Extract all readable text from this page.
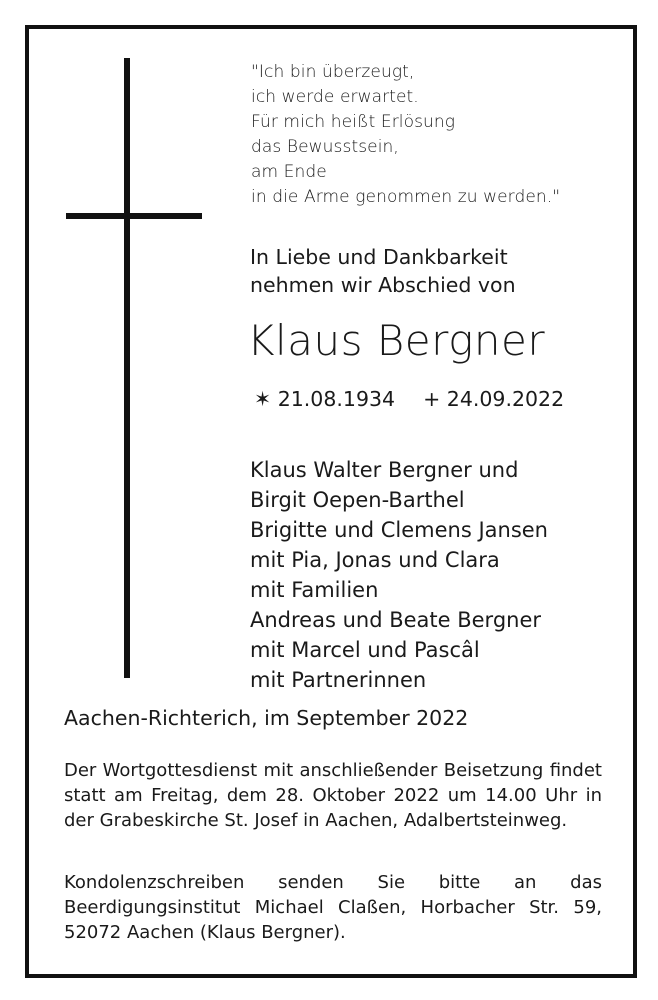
"Ich bin überzeugt,
ich werde erwartet.
Für mich heißt Erlösung
das Bewusstsein,
am Ende
in die Arme genommen zu werden."
In Liebe und Dankbarkeit
nehmen wir Abschied von
Klaus Bergner
✶ 21.08.1934 + 24.09.2022
Klaus Walter Bergner und
Birgit Oepen-Barthel
Brigitte und Clemens Jansen
mit Pia, Jonas und Clara
mit Familien
Andreas und Beate Bergner
mit Marcel und Pascâl
mit Partnerinnen
Aachen-Richterich, im September 2022
Der Wortgottesdienst mit anschließender Beisetzung findet statt am Freitag, dem 28. Oktober 2022 um 14.00 Uhr in der Grabeskirche St. Josef in Aachen, Adalbertsteinweg.
Kondolenzschreiben senden Sie bitte an das Beerdigungsinstitut Michael Claßen, Horbacher Str. 59, 52072 Aachen (Klaus Bergner).
